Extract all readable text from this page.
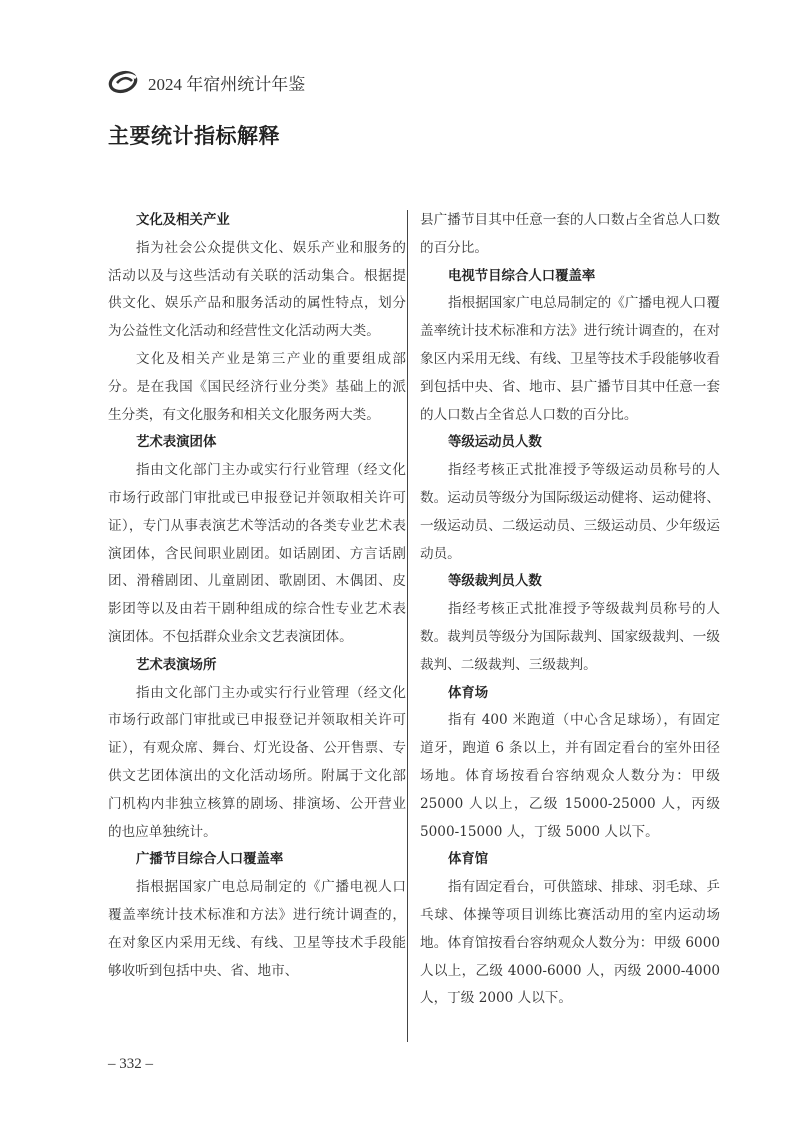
2024 年宿州统计年鉴
主要统计指标解释

文化及相关产业

指为社会公众提供文化、娱乐产业和服务的活动以及与这些活动有关联的活动集合。根据提供文化、娱乐产品和服务活动的属性特点，划分为公益性文化活动和经营性文化活动两大类。

文化及相关产业是第三产业的重要组成部分。是在我国《国民经济行业分类》基础上的派生分类，有文化服务和相关文化服务两大类。

艺术表演团体

指由文化部门主办或实行行业管理（经文化市场行政部门审批或已申报登记并领取相关许可证），专门从事表演艺术等活动的各类专业艺术表演团体，含民间职业剧团。如话剧团、方言话剧团、滑稽剧团、儿童剧团、歌剧团、木偶团、皮影团等以及由若干剧种组成的综合性专业艺术表演团体。不包括群众业余文艺表演团体。

艺术表演场所

指由文化部门主办或实行行业管理（经文化市场行政部门审批或已申报登记并领取相关许可证），有观众席、舞台、灯光设备、公开售票、专供文艺团体演出的文化活动场所。附属于文化部门机构内非独立核算的剧场、排演场、公开营业的也应单独统计。

广播节目综合人口覆盖率

指根据国家广电总局制定的《广播电视人口覆盖率统计技术标准和方法》进行统计调查的，在对象区内采用无线、有线、卫星等技术手段能够收听到包括中央、省、地市、

县广播节目其中任意一套的人口数占全省总人口数的百分比。

电视节目综合人口覆盖率

指根据国家广电总局制定的《广播电视人口覆盖率统计技术标准和方法》进行统计调查的，在对象区内采用无线、有线、卫星等技术手段能够收看到包括中央、省、地市、县广播节目其中任意一套的人口数占全省总人口数的百分比。

等级运动员人数

指经考核正式批准授予等级运动员称号的人数。运动员等级分为国际级运动健将、运动健将、一级运动员、二级运动员、三级运动员、少年级运动员。

等级裁判员人数

指经考核正式批准授予等级裁判员称号的人数。裁判员等级分为国际裁判、国家级裁判、一级裁判、二级裁判、三级裁判。

体育场

指有 400 米跑道（中心含足球场），有固定道牙，跑道 6 条以上，并有固定看台的室外田径场地。体育场按看台容纳观众人数分为：甲级 25000 人以上，乙级 15000-25000 人，丙级 5000-15000 人，丁级 5000 人以下。

体育馆

指有固定看台，可供篮球、排球、羽毛球、乒乓球、体操等项目训练比赛活动用的室内运动场地。体育馆按看台容纳观众人数分为：甲级 6000 人以上，乙级 4000-6000 人，丙级 2000-4000 人，丁级 2000 人以下。

– 332 –
